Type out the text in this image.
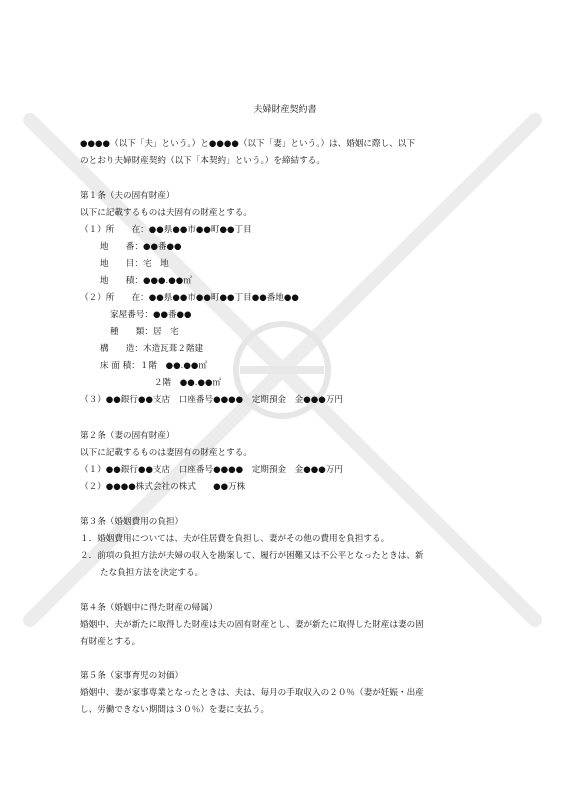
夫婦財産契約書
●●●●（以下「夫」という。）と●●●●（以下「妻」という。）は、婚姻に際し、以下
のとおり夫婦財産契約（以下「本契約」という。）を締結する。
第１条（夫の固有財産）
以下に記載するものは夫固有の財産とする。
（１）所　　在：●●県●●市●●町●●丁目
地　　番：●●番●●
地　　目：宅　地
地　　積：●●●.●●㎡
（２）所　　在：●●県●●市●●町●●丁目●●番地●●
家屋番号：●●番●●
種　　類：居　宅
構　　造：木造瓦葺２階建
床 面 積：１階　●●.●●㎡
２階　●●.●●㎡
（３）●●銀行●●支店　口座番号●●●●　定期預金　金●●●万円
第２条（妻の固有財産）
以下に記載するものは妻固有の財産とする。
（１）●●銀行●●支店　口座番号●●●●　定期預金　金●●●万円
（２）●●●●株式会社の株式　　●●万株
第３条（婚姻費用の負担）
１．婚姻費用については、夫が住居費を負担し、妻がその他の費用を負担する。
２．前項の負担方法が夫婦の収入を勘案して、履行が困難又は不公平となったときは、新
たな負担方法を決定する。
第４条（婚姻中に得た財産の帰属）
婚姻中、夫が新たに取得した財産は夫の固有財産とし、妻が新たに取得した財産は妻の固
有財産とする。
第５条（家事育児の対価）
婚姻中、妻が家事専業となったときは、夫は、毎月の手取収入の２０％（妻が妊娠・出産
し、労働できない期間は３０％）を妻に支払う。
